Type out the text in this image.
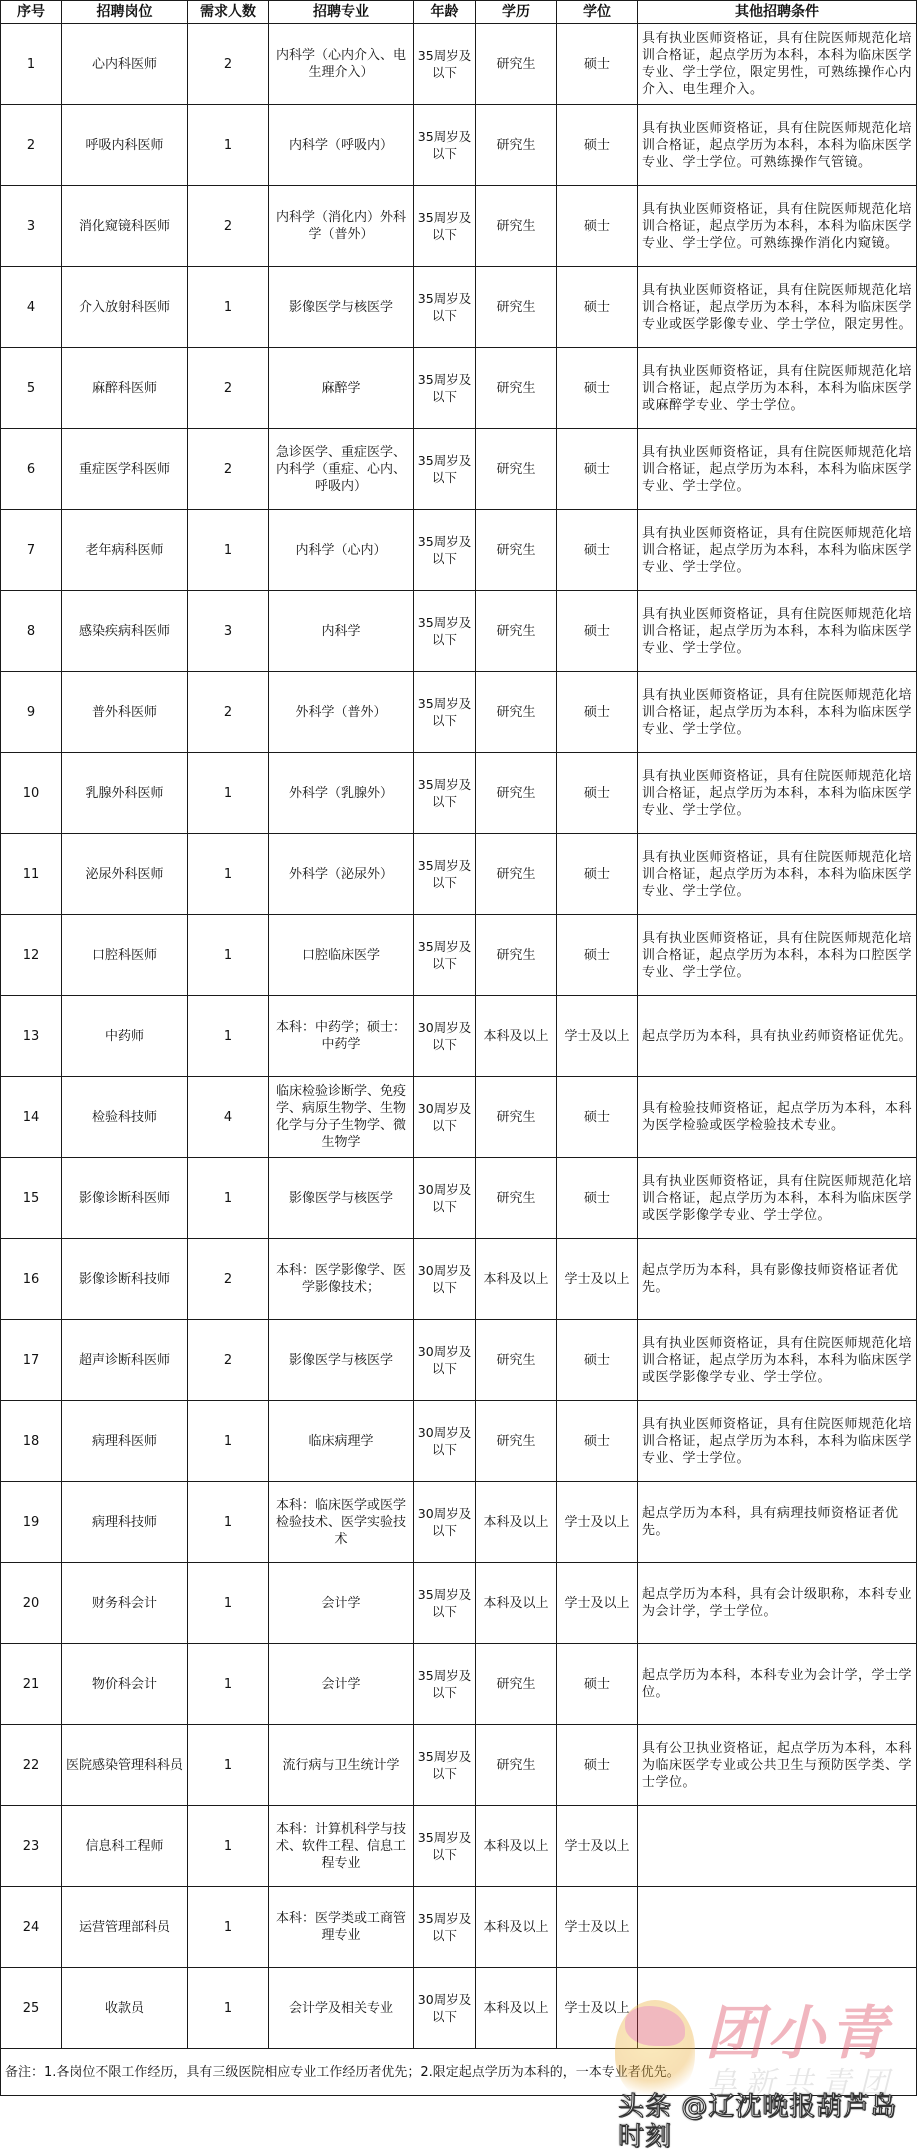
序号	招聘岗位	需求人数	招聘专业	年龄	学历	学位	其他招聘条件
1	心内科医师	2	内科学（心内介入、电生理介入）	35周岁及以下	研究生	硕士	具有执业医师资格证，具有住院医师规范化培训合格证，起点学历为本科，本科为临床医学专业、学士学位，限定男性，可熟练操作心内介入、电生理介入。
2	呼吸内科医师	1	内科学（呼吸内）	35周岁及以下	研究生	硕士	具有执业医师资格证，具有住院医师规范化培训合格证，起点学历为本科，本科为临床医学专业、学士学位。可熟练操作气管镜。
3	消化窥镜科医师	2	内科学（消化内）外科学（普外）	35周岁及以下	研究生	硕士	具有执业医师资格证，具有住院医师规范化培训合格证，起点学历为本科，本科为临床医学专业、学士学位。可熟练操作消化内窥镜。
4	介入放射科医师	1	影像医学与核医学	35周岁及以下	研究生	硕士	具有执业医师资格证，具有住院医师规范化培训合格证，起点学历为本科，本科为临床医学专业或医学影像专业、学士学位，限定男性。
5	麻醉科医师	2	麻醉学	35周岁及以下	研究生	硕士	具有执业医师资格证，具有住院医师规范化培训合格证，起点学历为本科，本科为临床医学或麻醉学专业、学士学位。
6	重症医学科医师	2	急诊医学、重症医学、内科学（重症、心内、呼吸内）	35周岁及以下	研究生	硕士	具有执业医师资格证，具有住院医师规范化培训合格证，起点学历为本科，本科为临床医学专业、学士学位。
7	老年病科医师	1	内科学（心内）	35周岁及以下	研究生	硕士	具有执业医师资格证，具有住院医师规范化培训合格证，起点学历为本科，本科为临床医学专业、学士学位。
8	感染疾病科医师	3	内科学	35周岁及以下	研究生	硕士	具有执业医师资格证，具有住院医师规范化培训合格证，起点学历为本科，本科为临床医学专业、学士学位。
9	普外科医师	2	外科学（普外）	35周岁及以下	研究生	硕士	具有执业医师资格证，具有住院医师规范化培训合格证，起点学历为本科，本科为临床医学专业、学士学位。
10	乳腺外科医师	1	外科学（乳腺外）	35周岁及以下	研究生	硕士	具有执业医师资格证，具有住院医师规范化培训合格证，起点学历为本科，本科为临床医学专业、学士学位。
11	泌尿外科医师	1	外科学（泌尿外）	35周岁及以下	研究生	硕士	具有执业医师资格证，具有住院医师规范化培训合格证，起点学历为本科，本科为临床医学专业、学士学位。
12	口腔科医师	1	口腔临床医学	35周岁及以下	研究生	硕士	具有执业医师资格证，具有住院医师规范化培训合格证，起点学历为本科，本科为口腔医学专业、学士学位。
13	中药师	1	本科：中药学；硕士：中药学	30周岁及以下	本科及以上	学士及以上	起点学历为本科，具有执业药师资格证优先。
14	检验科技师	4	临床检验诊断学、免疫学、病原生物学、生物化学与分子生物学、微生物学	30周岁及以下	研究生	硕士	具有检验技师资格证，起点学历为本科，本科为医学检验或医学检验技术专业。
15	影像诊断科医师	1	影像医学与核医学	30周岁及以下	研究生	硕士	具有执业医师资格证，具有住院医师规范化培训合格证，起点学历为本科，本科为临床医学或医学影像学专业、学士学位。
16	影像诊断科技师	2	本科：医学影像学、医学影像技术；	30周岁及以下	本科及以上	学士及以上	起点学历为本科，具有影像技师资格证者优先。
17	超声诊断科医师	2	影像医学与核医学	30周岁及以下	研究生	硕士	具有执业医师资格证，具有住院医师规范化培训合格证，起点学历为本科，本科为临床医学或医学影像学专业、学士学位。
18	病理科医师	1	临床病理学	30周岁及以下	研究生	硕士	具有执业医师资格证，具有住院医师规范化培训合格证，起点学历为本科，本科为临床医学专业、学士学位。
19	病理科技师	1	本科：临床医学或医学检验技术、医学实验技术	30周岁及以下	本科及以上	学士及以上	起点学历为本科，具有病理技师资格证者优先。
20	财务科会计	1	会计学	35周岁及以下	本科及以上	学士及以上	起点学历为本科，具有会计级职称，本科专业为会计学，学士学位。
21	物价科会计	1	会计学	35周岁及以下	研究生	硕士	起点学历为本科，本科专业为会计学，学士学位。
22	医院感染管理科科员	1	流行病与卫生统计学	35周岁及以下	研究生	硕士	具有公卫执业资格证，起点学历为本科，本科为临床医学专业或公共卫生与预防医学类、学士学位。
23	信息科工程师	1	本科：计算机科学与技术、软件工程、信息工程专业	35周岁及以下	本科及以上	学士及以上	
24	运营管理部科员	1	本科：医学类或工商管理专业	35周岁及以下	本科及以上	学士及以上	
25	收款员	1	会计学及相关专业	30周岁及以下	本科及以上	学士及以上	
备注：1.各岗位不限工作经历，具有三级医院相应专业工作经历者优先；2.限定起点学历为本科的，一本专业者优先。							
团小青
阜新共青团
头条 @辽沈晚报葫芦岛时刻
